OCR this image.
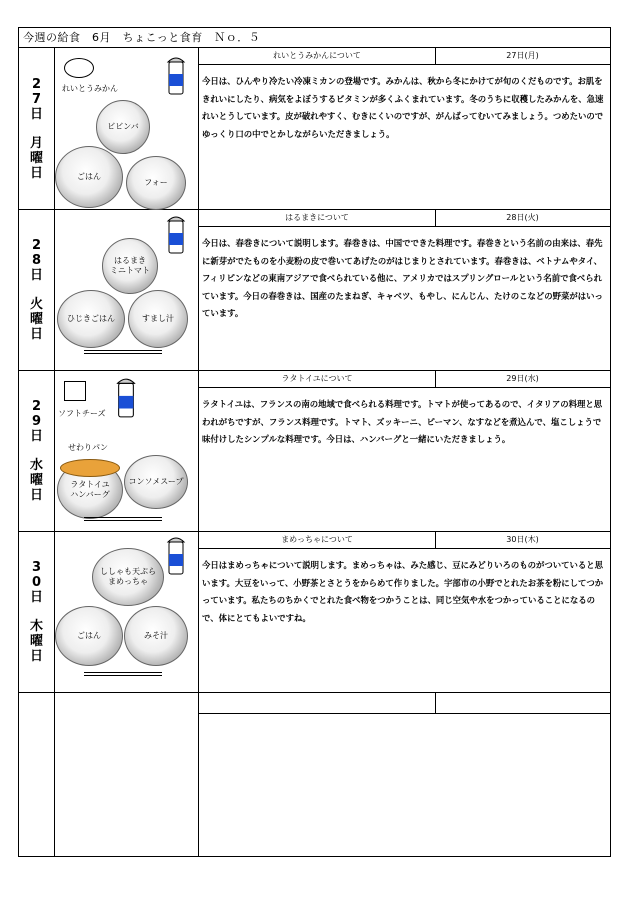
今週の給食　6月　ちょこっと食育　Ｎｏ．５
2
7
日
月
曜
日
れいとうみかん
ビビンバ
ごはん
フォー
れいとうみかんについて	27日(月)
今日は、ひんやり冷たい冷凍ミカンの登場です。みかんは、秋から冬にかけてが旬のくだものです。お肌をきれいにしたり、病気をよぼうするビタミンが多くふくまれています。冬のうちに収穫したみかんを、急速れいとうしています。皮が破れやすく、むきにくいのですが、がんばってむいてみましょう。つめたいのでゆっくり口の中でとかしながらいただきましょう。
2
8
日
火
曜
日
はるまき
ミニトマト
ひじきごはん	すまし汁
はるまきについて	28日(火)
今日は、春巻きについて説明します。春巻きは、中国でできた料理です。春巻きという名前の由来は、春先に新芽がでたものを小麦粉の皮で巻いてあげたのがはじまりとされています。春巻きは、ベトナムやタイ、フィリピンなどの東南アジアで食べられている他に、アメリカではスプリングロールという名前で食べられています。今日の春巻きは、国産のたまねぎ、キャベツ、もやし、にんじん、たけのこなどの野菜がはいっています。
2
9
日
水
曜
日
ソフトチーズ
せわりパン
ラタトイユ
ハンバーグ
コンソメスープ
ラタトイユについて	29日(水)
ラタトイユは、フランスの南の地域で食べられる料理です。トマトが使ってあるので、イタリアの料理と思われがちですが、フランス料理です。トマト、ズッキーニ、ピーマン、なすなどを煮込んで、塩こしょうで味付けしたシンプルな料理です。今日は、ハンバーグと一緒にいただきましょう。
3
0
日
木
曜
日
ししゃも天ぷら
まめっちゃ
ごはん	みそ汁
まめっちゃについて	30日(木)
今日はまめっちゃについて説明します。まめっちゃは、みた感じ、豆にみどりいろのものがついていると思います。大豆をいって、小野茶とさとうをからめて作りました。宇部市の小野でとれたお茶を粉にしてつかっています。私たちのちかくでとれた食べ物をつかうことは、同じ空気や水をつかっていることになるので、体にとてもよいですね。
